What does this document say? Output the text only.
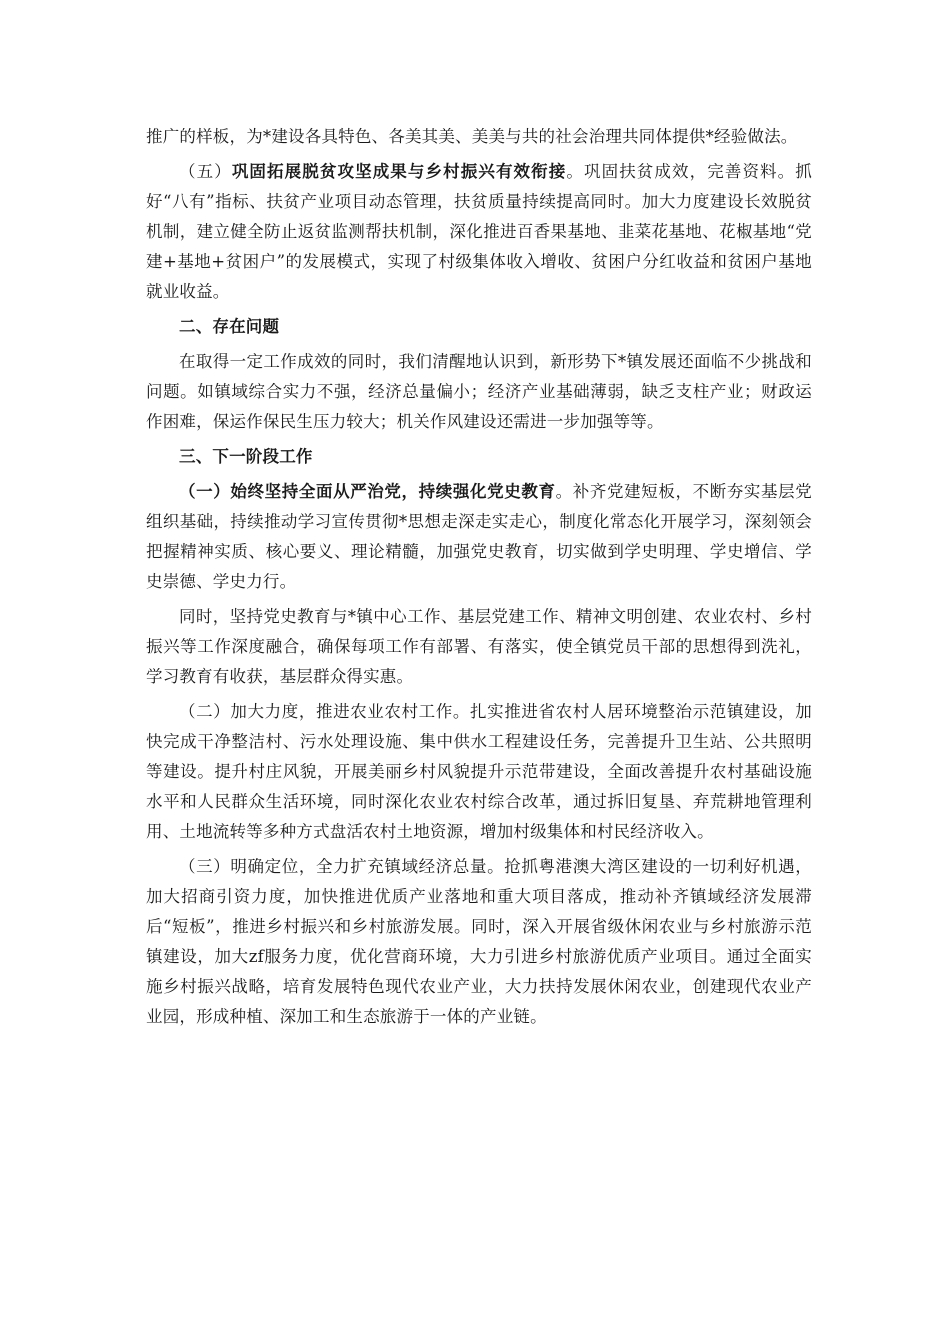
推广的样板，为*建设各具特色、各美其美、美美与共的社会治理共同体提供*经验做法。

（五）巩固拓展脱贫攻坚成果与乡村振兴有效衔接。巩固扶贫成效，完善资料。抓好“八有”指标、扶贫产业项目动态管理，扶贫质量持续提高同时。加大力度建设长效脱贫机制，建立健全防止返贫监测帮扶机制，深化推进百香果基地、韭菜花基地、花椒基地“党建+基地+贫困户”的发展模式，实现了村级集体收入增收、贫困户分红收益和贫困户基地就业收益。

二、存在问题

在取得一定工作成效的同时，我们清醒地认识到，新形势下*镇发展还面临不少挑战和问题。如镇域综合实力不强，经济总量偏小；经济产业基础薄弱，缺乏支柱产业；财政运作困难，保运作保民生压力较大；机关作风建设还需进一步加强等等。

三、下一阶段工作

（一）始终坚持全面从严治党，持续强化党史教育。补齐党建短板，不断夯实基层党组织基础，持续推动学习宣传贯彻*思想走深走实走心，制度化常态化开展学习，深刻领会把握精神实质、核心要义、理论精髓，加强党史教育，切实做到学史明理、学史增信、学史崇德、学史力行。

同时，坚持党史教育与*镇中心工作、基层党建工作、精神文明创建、农业农村、乡村振兴等工作深度融合，确保每项工作有部署、有落实，使全镇党员干部的思想得到洗礼，学习教育有收获，基层群众得实惠。

（二）加大力度，推进农业农村工作。扎实推进省农村人居环境整治示范镇建设，加快完成干净整洁村、污水处理设施、集中供水工程建设任务，完善提升卫生站、公共照明等建设。提升村庄风貌，开展美丽乡村风貌提升示范带建设，全面改善提升农村基础设施水平和人民群众生活环境，同时深化农业农村综合改革，通过拆旧复垦、弃荒耕地管理利用、土地流转等多种方式盘活农村土地资源，增加村级集体和村民经济收入。

（三）明确定位，全力扩充镇域经济总量。抢抓粤港澳大湾区建设的一切利好机遇，加大招商引资力度，加快推进优质产业落地和重大项目落成，推动补齐镇域经济发展滞后“短板”，推进乡村振兴和乡村旅游发展。同时，深入开展省级休闲农业与乡村旅游示范镇建设，加大zf服务力度，优化营商环境，大力引进乡村旅游优质产业项目。通过全面实施乡村振兴战略，培育发展特色现代农业产业，大力扶持发展休闲农业，创建现代农业产业园，形成种植、深加工和生态旅游于一体的产业链。
